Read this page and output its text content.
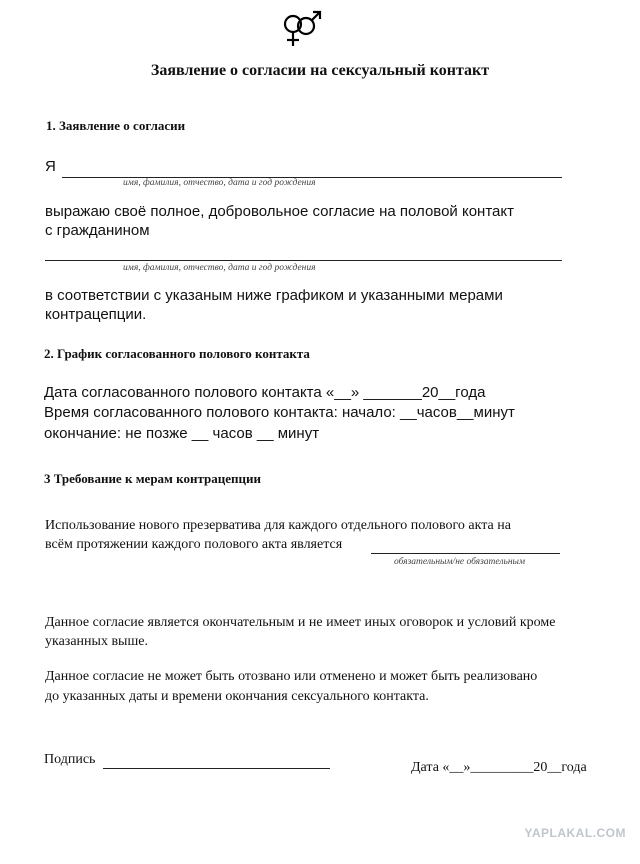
Заявление о согласии на сексуальный контакт
1. Заявление о согласии
Я
имя, фамилия, отчество, дата и год рождения
выражаю своё полное, добровольное согласие на половой контакт
с гражданином
имя, фамилия, отчество, дата и год рождения
в соответствии с указаным ниже графиком и указанными мерами
контрацепции.
2. График согласованного полового контакта
Дата согласованного полового контакта «__» _______20__года
Время согласованного полового контакта: начало: __часов__минут
окончание: не позже __ часов __ минут
3 Требование к мерам контрацепции
Использование нового презерватива для каждого отдельного полового акта на
всём протяжении каждого полового акта является
обязательным/не обязательным
Данное согласие является окончательным и не имеет иных оговорок и условий кроме
указанных выше.
Данное согласие не может быть отозвано или отменено и может быть реализовано
до указанных даты и времени окончания сексуального контакта.
Подпись
Дата «__»_________20__года
YAPLAKAL.COM
